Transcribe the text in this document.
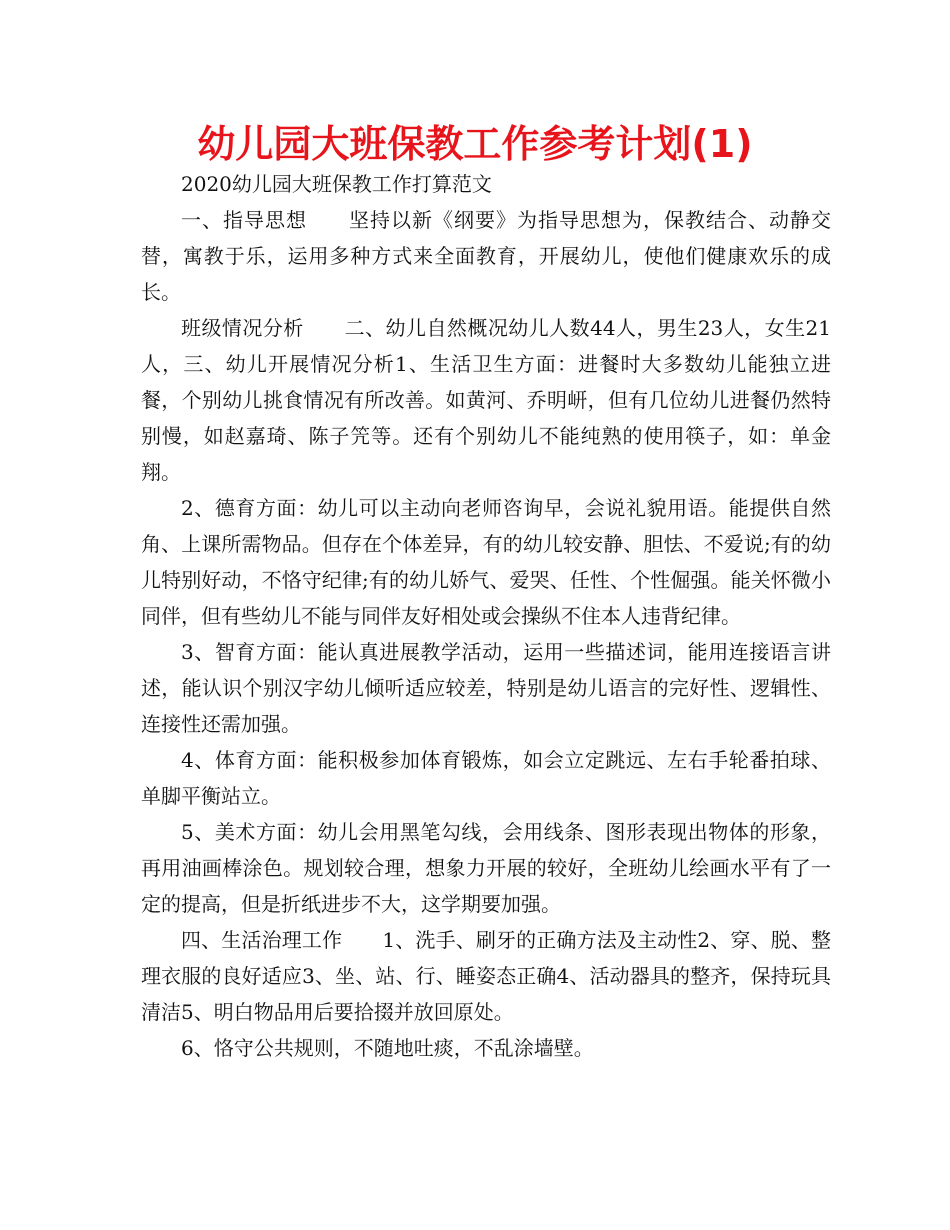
幼儿园大班保教工作参考计划(1)

2020幼儿园大班保教工作打算范文

一、指导思想　　坚持以新《纲要》为指导思想为，保教结合、动静交替，寓教于乐，运用多种方式来全面教育，开展幼儿，使他们健康欢乐的成长。

班级情况分析　　二、幼儿自然概况幼儿人数44人，男生23人，女生21人，三、幼儿开展情况分析1、生活卫生方面：进餐时大多数幼儿能独立进餐，个别幼儿挑食情况有所改善。如黄河、乔明岍，但有几位幼儿进餐仍然特别慢，如赵嘉琦、陈子笐等。还有个别幼儿不能纯熟的使用筷子，如：单金翔。

2、德育方面：幼儿可以主动向老师咨询早，会说礼貌用语。能提供自然角、上课所需物品。但存在个体差异，有的幼儿较安静、胆怯、不爱说;有的幼儿特别好动，不恪守纪律;有的幼儿娇气、爱哭、任性、个性倔强。能关怀微小同伴，但有些幼儿不能与同伴友好相处或会操纵不住本人违背纪律。

3、智育方面：能认真进展教学活动，运用一些描述词，能用连接语言讲述，能认识个别汉字幼儿倾听适应较差，特别是幼儿语言的完好性、逻辑性、连接性还需加强。

4、体育方面：能积极参加体育锻炼，如会立定跳远、左右手轮番拍球、单脚平衡站立。

5、美术方面：幼儿会用黑笔勾线，会用线条、图形表现出物体的形象，再用油画棒涂色。规划较合理，想象力开展的较好，全班幼儿绘画水平有了一定的提高，但是折纸进步不大，这学期要加强。

四、生活治理工作　　1、洗手、刷牙的正确方法及主动性2、穿、脱、整理衣服的良好适应3、坐、站、行、睡姿态正确4、活动器具的整齐，保持玩具清洁5、明白物品用后要拾掇并放回原处。

6、恪守公共规则，不随地吐痰，不乱涂墙壁。
